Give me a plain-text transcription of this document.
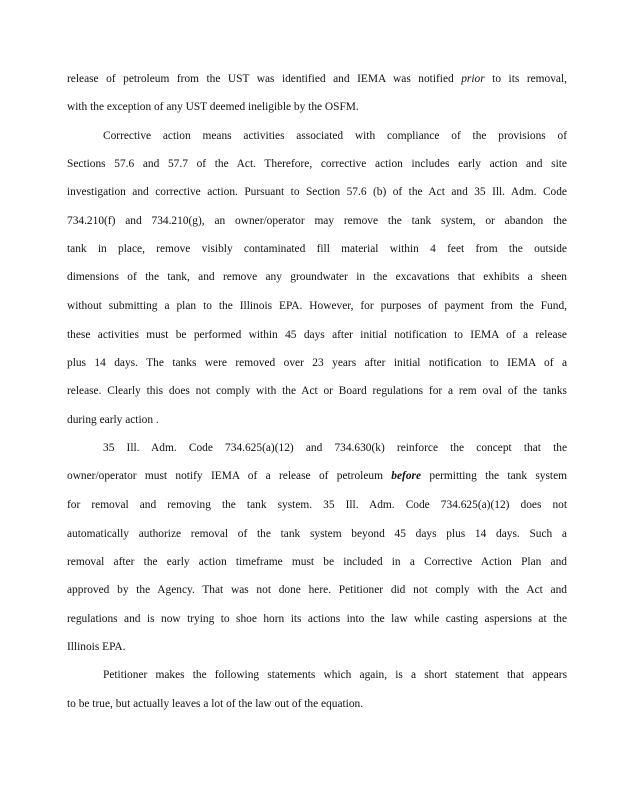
release of petroleum from the UST was identified and IEMA was notified prior to its removal,
with the exception of any UST deemed ineligible by the OSFM.
Corrective action means activities associated with compliance of the provisions of
Sections 57.6 and 57.7 of the Act. Therefore, corrective action includes early action and site
investigation and corrective action. Pursuant to Section 57.6 (b) of the Act and 35 Ill. Adm. Code
734.210(f) and 734.210(g), an owner/operator may remove the tank system, or abandon the
tank in place, remove visibly contaminated fill material within 4 feet from the outside
dimensions of the tank, and remove any groundwater in the excavations that exhibits a sheen
without submitting a plan to the Illinois EPA. However, for purposes of payment from the Fund,
these activities must be performed within 45 days after initial notification to IEMA of a release
plus 14 days. The tanks were removed over 23 years after initial notification to IEMA of a
release. Clearly this does not comply with the Act or Board regulations for a rem oval of the tanks
during early action .
35 Ill. Adm. Code 734.625(a)(12) and 734.630(k) reinforce the concept that the
owner/operator must notify IEMA of a release of petroleum before permitting the tank system
for removal and removing the tank system. 35 Ill. Adm. Code 734.625(a)(12) does not
automatically authorize removal of the tank system beyond 45 days plus 14 days. Such a
removal after the early action timeframe must be included in a Corrective Action Plan and
approved by the Agency. That was not done here. Petitioner did not comply with the Act and
regulations and is now trying to shoe horn its actions into the law while casting aspersions at the
Illinois EPA.
Petitioner makes the following statements which again, is a short statement that appears
to be true, but actually leaves a lot of the law out of the equation.
